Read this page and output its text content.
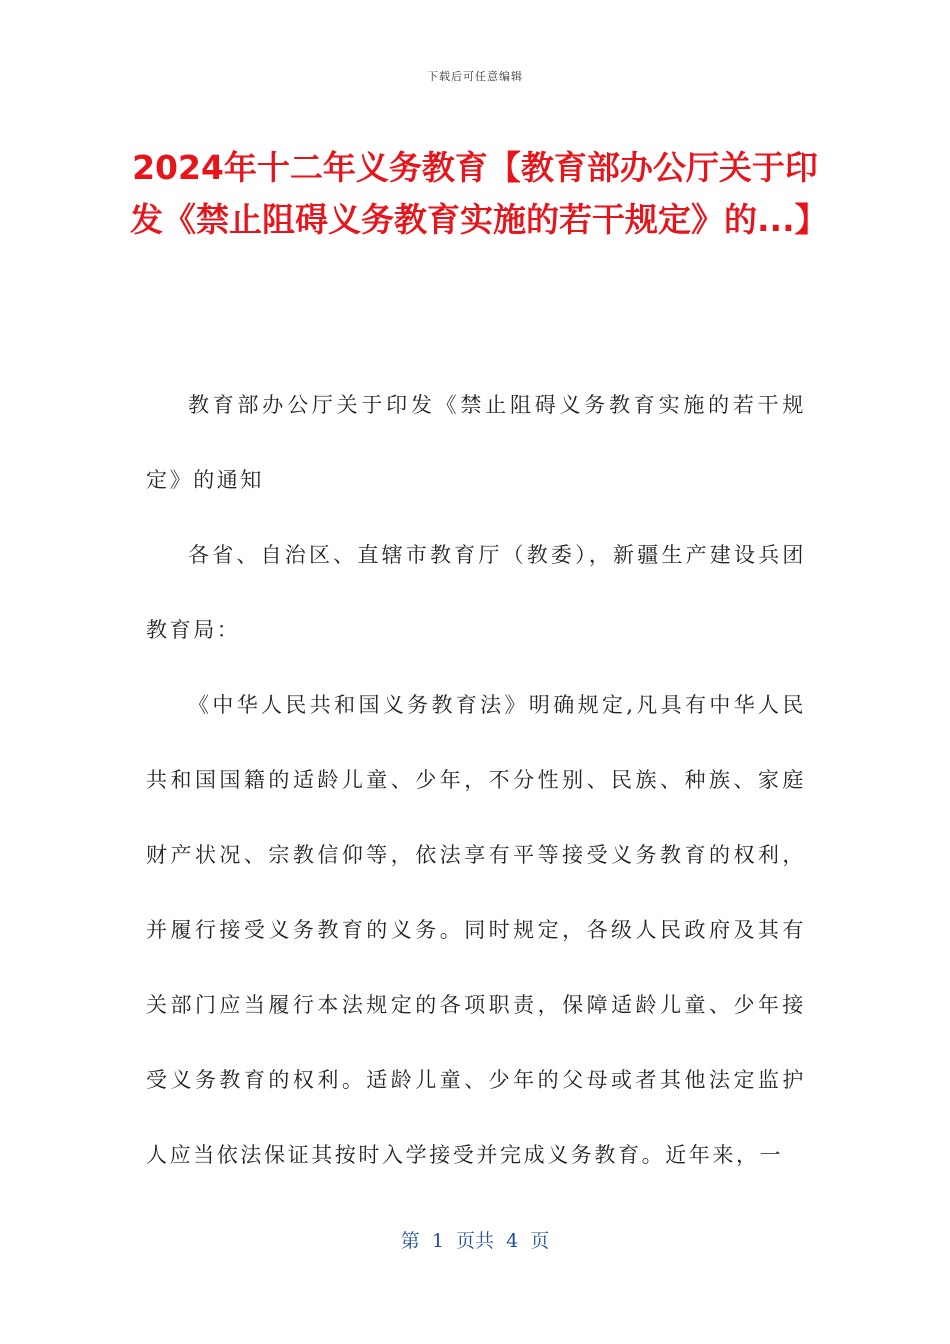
下载后可任意编辑
2024年十二年义务教育【教育部办公厅关于印发《禁止阻碍义务教育实施的若干规定》的...】

教育部办公厅关于印发《禁止阻碍义务教育实施的若干规定》的通知

各省、自治区、直辖市教育厅（教委），新疆生产建设兵团教育局：

《中华人民共和国义务教育法》明确规定,凡具有中华人民共和国国籍的适龄儿童、少年，不分性别、民族、种族、家庭财产状况、宗教信仰等，依法享有平等接受义务教育的权利，并履行接受义务教育的义务。同时规定，各级人民政府及其有关部门应当履行本法规定的各项职责，保障适龄儿童、少年接受义务教育的权利。适龄儿童、少年的父母或者其他法定监护人应当依法保证其按时入学接受并完成义务教育。近年来，一

第  1  页共  4  页
